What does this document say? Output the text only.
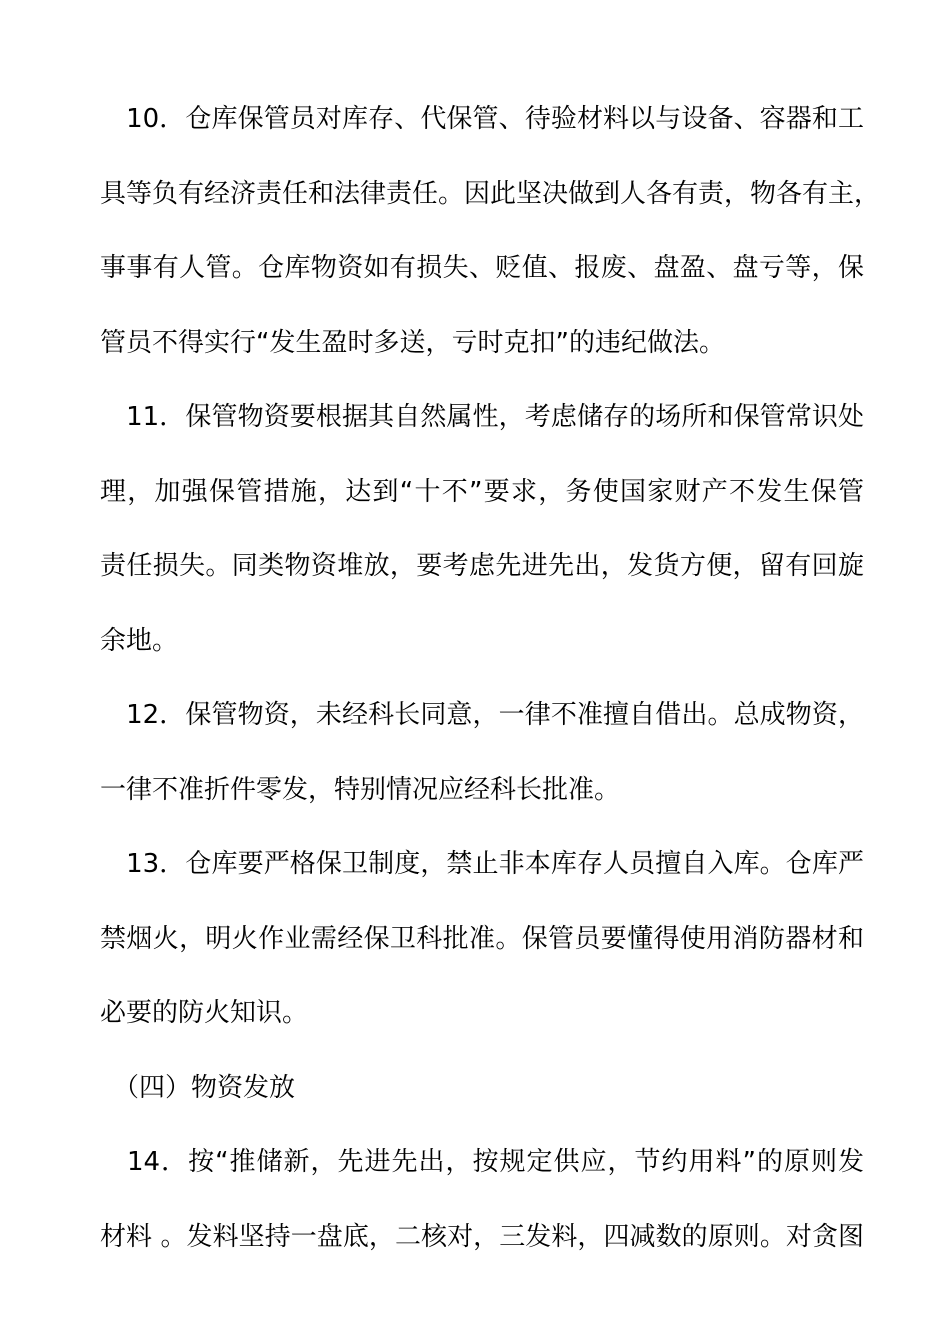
　10．仓库保管员对库存、代保管、待验材料以与设备、容器和工
具等负有经济责任和法律责任。因此坚决做到人各有责，物各有主，
事事有人管。仓库物资如有损失、贬值、报废、盘盈、盘亏等，保
管员不得实行“发生盈时多送，亏时克扣”的违纪做法。
　11．保管物资要根据其自然属性，考虑储存的场所和保管常识处
理，加强保管措施，达到“十不”要求，务使国家财产不发生保管
责任损失。同类物资堆放，要考虑先进先出，发货方便，留有回旋
余地。
　12．保管物资，未经科长同意，一律不准擅自借出。总成物资，
一律不准折件零发，特别情况应经科长批准。
　13．仓库要严格保卫制度，禁止非本库存人员擅自入库。仓库严
禁烟火，明火作业需经保卫科批准。保管员要懂得使用消防器材和
必要的防火知识。
　（四）物资发放
　14．按“推储新，先进先出，按规定供应，节约用料”的原则发
材料 。发料坚持一盘底，二核对，三发料，四减数的原则。对贪图
